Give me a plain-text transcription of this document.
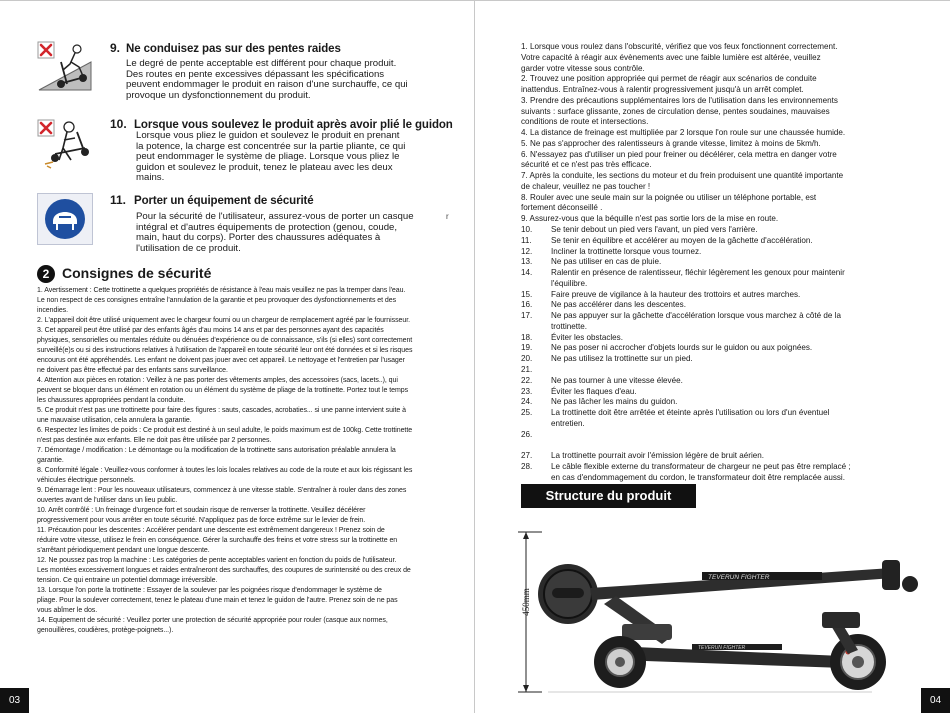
9. Ne conduisez pas sur des pentes raides
Le degré de pente acceptable est différent pour chaque produit.
Des routes en pente excessives dépassant les spécifications
peuvent endommager le produit en raison d'une surchauffe, ce qui
provoque un dysfonctionnement du produit.
10. Lorsque vous soulevez le produit après avoir plié le guidon
Lorsque vous pliez le guidon et soulevez le produit en prenant
la potence, la charge est concentrée sur la partie pliante, ce qui
peut endommager le système de pliage. Lorsque vous pliez le
guidon et soulevez le produit, tenez le plateau avec les deux
mains.
11. Porter un équipement de sécurité
Pour la sécurité de l'utilisateur, assurez-vous de porter un casque
intégral et d'autres équipements de protection (genou, coude,
main, haut du corps). Porter des chaussures adéquates à
l'utilisation de ce produit.
r
2 Consignes de sécurité
1. Avertissement : Cette trottinette a quelques propriétés de résistance à l'eau mais veuillez ne pas la tremper dans l'eau.
Le non respect de ces consignes entraîne l'annulation de la garantie et peu provoquer des dysfonctionnements et des
incendies.
2. L'appareil doit être utilisé uniquement avec le chargeur fourni ou un chargeur de remplacement agréé par le fournisseur.
3. Cet appareil peut être utilisé par des enfants âgés d'au moins 14 ans et par des personnes ayant des capacités
physiques, sensorielles ou mentales réduite ou dénuées d'expérience ou de connaissance, s'ils (si elles) sont correctement
surveillé(e)s ou si des instructions relatives à l'utilisation de l'appareil en toute sécurité leur ont été données et si les risques
encourus ont été appréhendés. Les enfant ne doivent pas jouer avec cet appareil. Le nettoyage et l'entretien par l'usager
ne doivent pas être effectué par des enfants sans surveillance.
4. Attention aux pièces en rotation : Veillez à ne pas porter des vêtements amples, des accessoires (sacs, lacets..), qui
peuvent se bloquer dans un élément en rotation ou un élément du système de pliage de la trottinette. Portez tout le temps
les chaussures appropriées pendant la conduite.
5. Ce produit n'est pas une trottinette pour faire des figures : sauts, cascades, acrobaties... si une panne intervient suite à
une mauvaise utilisation, cela annulera la garantie.
6. Respectez les limites de poids : Ce produit est destiné à un seul adulte, le poids maximum est de 100kg. Cette trottinette
n'est pas destinée aux enfants. Elle ne doit pas être utilisée par 2 personnes.
7. Démontage / modification : Le démontage ou la modification de la trottinette sans autorisation préalable annulera la
garantie.
8. Conformité légale : Veuillez-vous conformer à toutes les lois locales relatives au code de la route et aux lois régissant les
véhicules électrique personnels.
9. Démarrage lent : Pour les nouveaux utilisateurs, commencez à une vitesse stable. S'entraîner à rouler dans des zones
ouvertes avant de l'utiliser dans un lieu public.
10. Arrêt contrôlé : Un freinage d'urgence fort et soudain risque de renverser la trottinette. Veuillez décélérer
progressivement pour vous arrêter en toute sécurité. N'appliquez pas de force extrême sur le levier de frein.
11. Précaution pour les descentes : Accélérer pendant une descente est extrêmement dangereux ! Prenez soin de
réduire votre vitesse, utilisez le frein en conséquence. Gérer la surchauffe des freins et votre stress sur la trottinette en
s'arrêtant périodiquement pendant une longue descente.
12. Ne poussez pas trop la machine : Les catégories de pente acceptables varient en fonction du poids de l'utilisateur.
Les montées excessivement longues et raides entraîneront des surchauffes, des coupures de surintensité ou des creux de
tension. Ce qui entraine un potentiel dommage irréversible.
13. Lorsque l'on porte la trottinette : Essayer de la soulever par les poignées risque d'endommager le système de
pliage. Pour la soulever correctement, tenez le plateau d'une main et tenez le guidon de l'autre. Prenez soin de ne pas
vous abîmer le dos.
14. Equipement de sécurité : Veuillez porter une protection de sécurité appropriée pour rouler (casque aux normes,
genouillères, coudières, protège-poignets...).
1. Lorsque vous roulez dans l'obscurité, vérifiez que vos feux fonctionnent correctement.
Votre capacité à réagir aux évènements avec une faible lumière est altérée, veuillez
garder votre vitesse sous contrôle.
2. Trouvez une position appropriée qui permet de réagir aux scénarios de conduite
inattendus. Entraînez-vous à ralentir progressivement jusqu'à un arrêt complet.
3. Prendre des précautions supplémentaires lors de l'utilisation dans les environnements
suivants : surface glissante, zones de circulation dense, pentes soudaines, mauvaises
conditions de route et intersections.
4. La distance de freinage est multipliée par 2 lorsque l'on roule sur une chaussée humide.
5. Ne pas s'approcher des ralentisseurs à grande vitesse, limitez à moins de 5km/h.
6. N'essayez pas d'utiliser un pied pour freiner ou décélérer, cela mettra en danger votre
sécurité et ce n'est pas très efficace.
7. Après la conduite, les sections du moteur et du frein produisent une quantité importante
de chaleur, veuillez ne pas toucher !
8. Rouler avec une seule main sur la poignée ou utiliser un téléphone portable, est
fortement déconseillé .
9. Assurez-vous que la béquille n'est pas sortie lors de la mise en route.
10. Se tenir debout un pied vers l'avant, un pied vers l'arrière.
11. Se tenir en équilibre et accélérer au moyen de la gâchette d'accélération.
12. Incliner la trottinette lorsque vous tournez.
13. Ne pas utiliser en cas de pluie.
14. Ralentir en présence de ralentisseur, fléchir légèrement les genoux pour maintenir
l'équilibre.
15. Faire preuve de vigilance à la hauteur des trottoirs et autres marches.
16. Ne pas accélérer dans les descentes.
17. Ne pas appuyer sur la gâchette d'accélération lorsque vous marchez à côté de la
trottinette.
18. Éviter les obstacles.
19. Ne pas poser ni accrocher d'objets lourds sur le guidon ou aux poignées.
20. Ne pas utilisez la trottinette sur un pied.
21.
22. Ne pas tourner à une vitesse élevée.
23. Éviter les flaques d'eau.
24. Ne pas lâcher les mains du guidon.
25. La trottinette doit être arrêtée et éteinte après l'utilisation ou lors d'un éventuel
entretien.
26.
27. La trottinette pourrait avoir l'émission légère de bruit aérien.
28. Le câble flexible externe du transformateur de chargeur ne peut pas être remplacé ;
en cas d'endommagement du cordon, le transformateur doit être remplacée aussi.
Structure du produit
TEVERUN FIGHTER
TEVERUN FIGHTER
450mm
03	04
